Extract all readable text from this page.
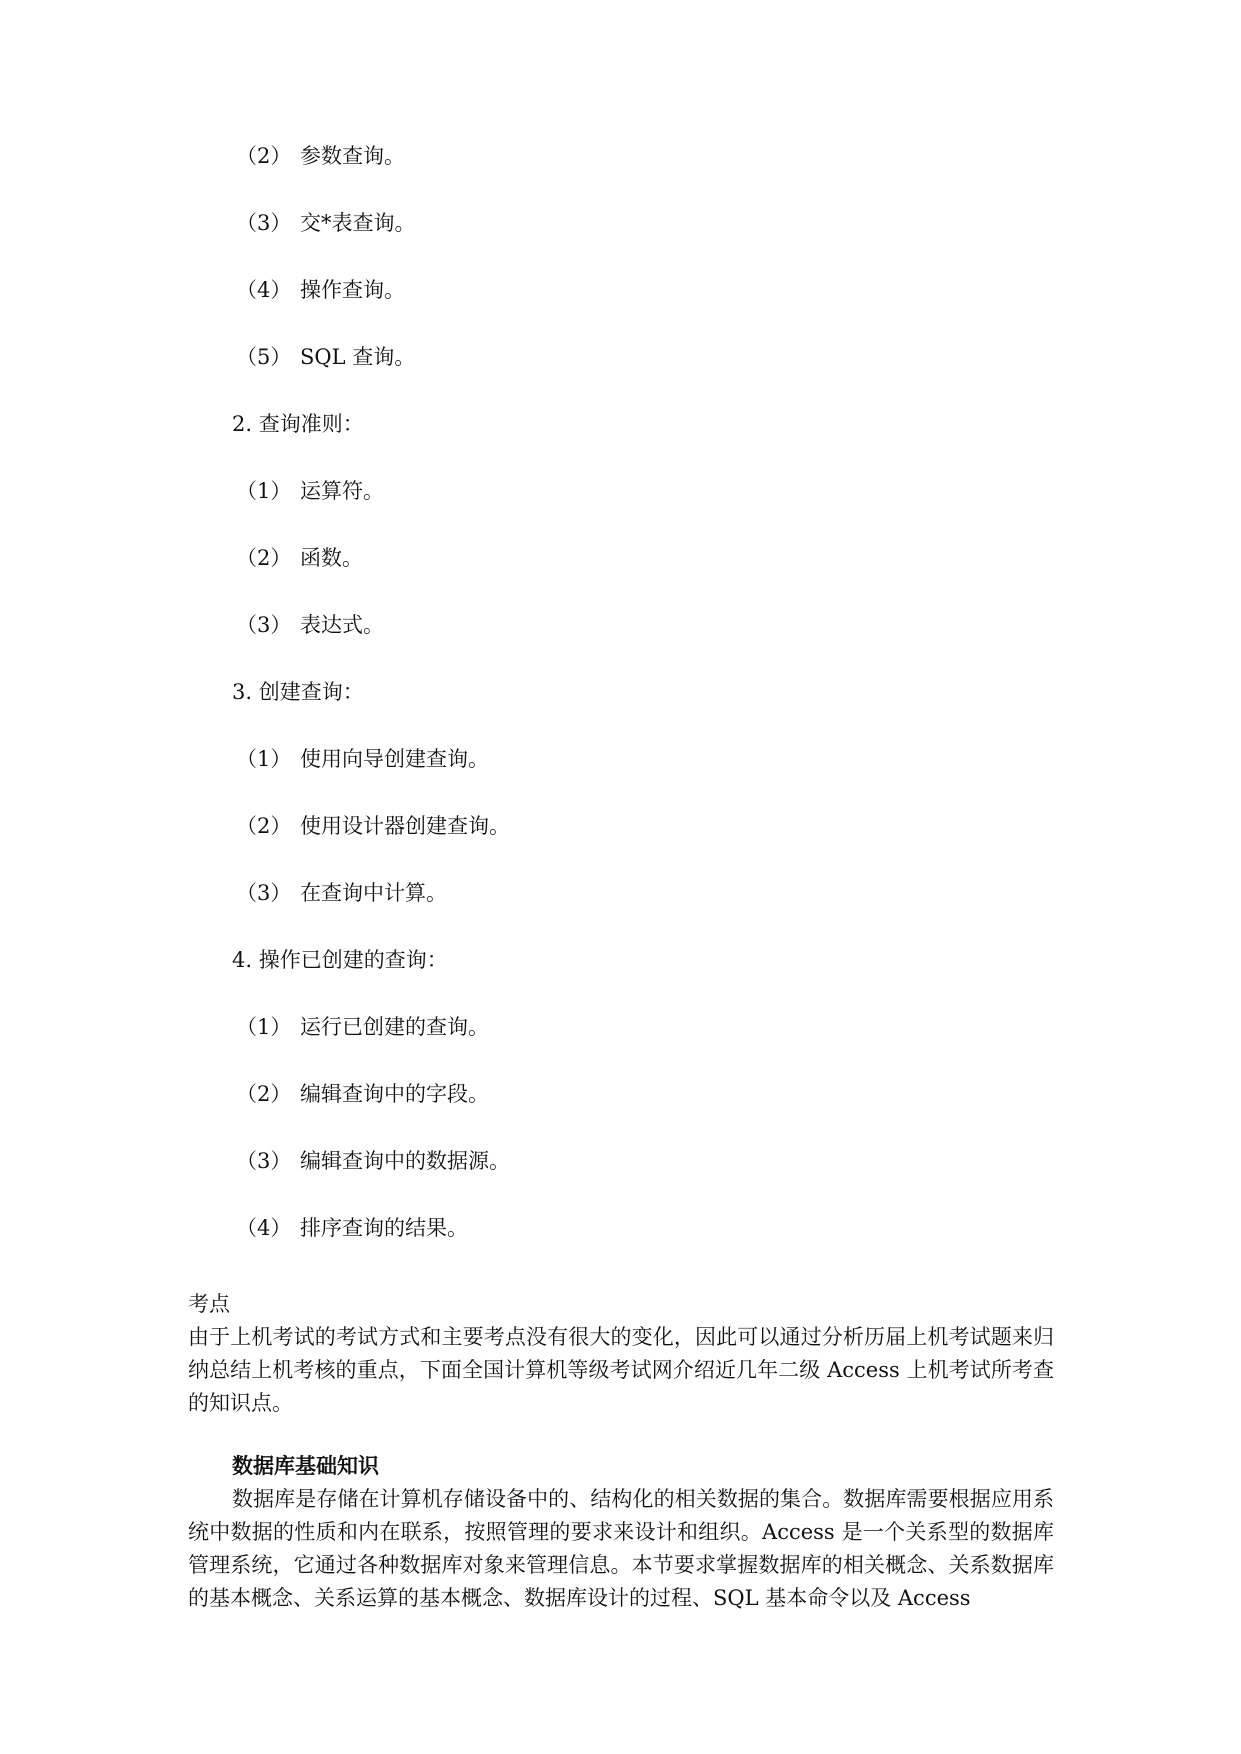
（2） 参数查询。
（3） 交*表查询。
（4） 操作查询。
（5） SQL 查询。
2. 查询准则：
（1） 运算符。
（2） 函数。
（3） 表达式。
3. 创建查询：
（1） 使用向导创建查询。
（2） 使用设计器创建查询。
（3） 在查询中计算。
4. 操作已创建的查询：
（1） 运行已创建的查询。
（2） 编辑查询中的字段。
（3） 编辑查询中的数据源。
（4） 排序查询的结果。
考点
由于上机考试的考试方式和主要考点没有很大的变化，因此可以通过分析历届上机考试题来归纳总结上机考核的重点，下面全国计算机等级考试网介绍近几年二级 Access 上机考试所考查的知识点。
数据库基础知识
数据库是存储在计算机存储设备中的、结构化的相关数据的集合。数据库需要根据应用系统中数据的性质和内在联系，按照管理的要求来设计和组织。Access 是一个关系型的数据库管理系统，它通过各种数据库对象来管理信息。本节要求掌握数据库的相关概念、关系数据库的基本概念、关系运算的基本概念、数据库设计的过程、SQL 基本命令以及 Access
